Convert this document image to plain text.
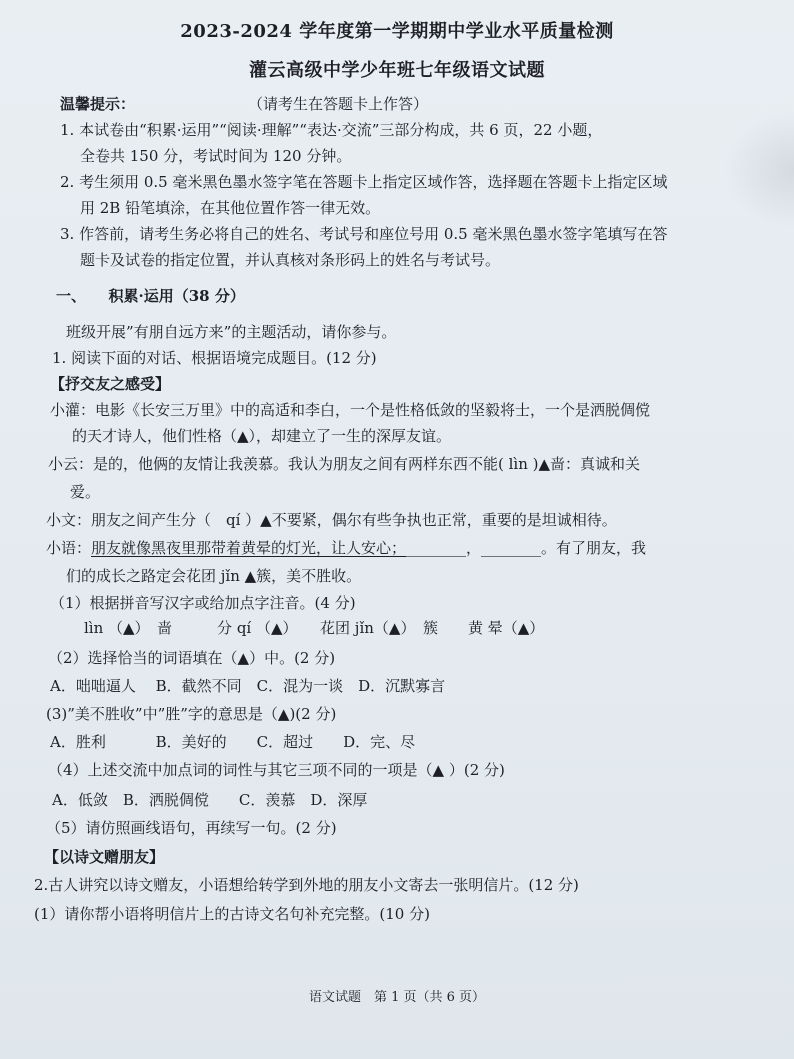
2023-2024 学年度第一学期期中学业水平质量检测
灌云高级中学少年班七年级语文试题
温馨提示：	（请考生在答题卡上作答）
1. 本试卷由“积累·运用”“阅读·理解”“表达·交流”三部分构成，共 6 页，22 小题，
全卷共 150 分，考试时间为 120 分钟。
2. 考生须用 0.5 毫米黑色墨水签字笔在答题卡上指定区域作答，选择题在答题卡上指定区域
用 2B 铅笔填涂，在其他位置作答一律无效。
3. 作答前，请考生务必将自己的姓名、考试号和座位号用 0.5 毫米黑色墨水签字笔填写在答
题卡及试卷的指定位置，并认真核对条形码上的姓名与考试号。
一、　　积累·运用（38 分）
班级开展”有朋自远方来”的主题活动，请你参与。
1. 阅读下面的对话、根据语境完成题目。(12 分)
【抒交友之感受】
小灌：电影《长安三万里》中的高适和李白，一个是性格低敛的坚毅将士，一个是洒脱倜傥
的天才诗人，他们性格（▲），却建立了一生的深厚友谊。
小云：是的，他俩的友情让我羡慕。我认为朋友之间有两样东西不能( lìn )▲啬：真诚和关
爱。
小文：朋友之间产生分（　qí ）▲不要紧，偶尔有些争执也正常，重要的是坦诚相待。
小语：朋友就像黑夜里那带着黄晕的灯光，让人安心；________，________。有了朋友，我
们的成长之路定会花团 jǐn ▲簇，美不胜收。
（1）根据拼音写汉字或给加点字注音。(4 分)
lìn （▲）　啬　　　分 qí （▲）　　花团 jǐn（▲）　簇　　黄 晕（▲）
（2）选择恰当的词语填在（▲）中。(2 分)
A．咄咄逼人　 B．截然不同　C．混为一谈　D．沉默寡言
(3)”美不胜收”中”胜”字的意思是（▲)(2 分)
A．胜利　　　 B．美好的　　C．超过　　D．完、尽
（4）上述交流中加点词的词性与其它三项不同的一项是（▲ ）(2 分)
A．低敛　B．洒脱倜傥　　C．羡慕　D．深厚
（5）请仿照画线语句，再续写一句。(2 分)
【以诗文赠朋友】
2.古人讲究以诗文赠友，小语想给转学到外地的朋友小文寄去一张明信片。(12 分)
(1）请你帮小语将明信片上的古诗文名句补充完整。(10 分)
语文试题　第 1 页（共 6 页）
